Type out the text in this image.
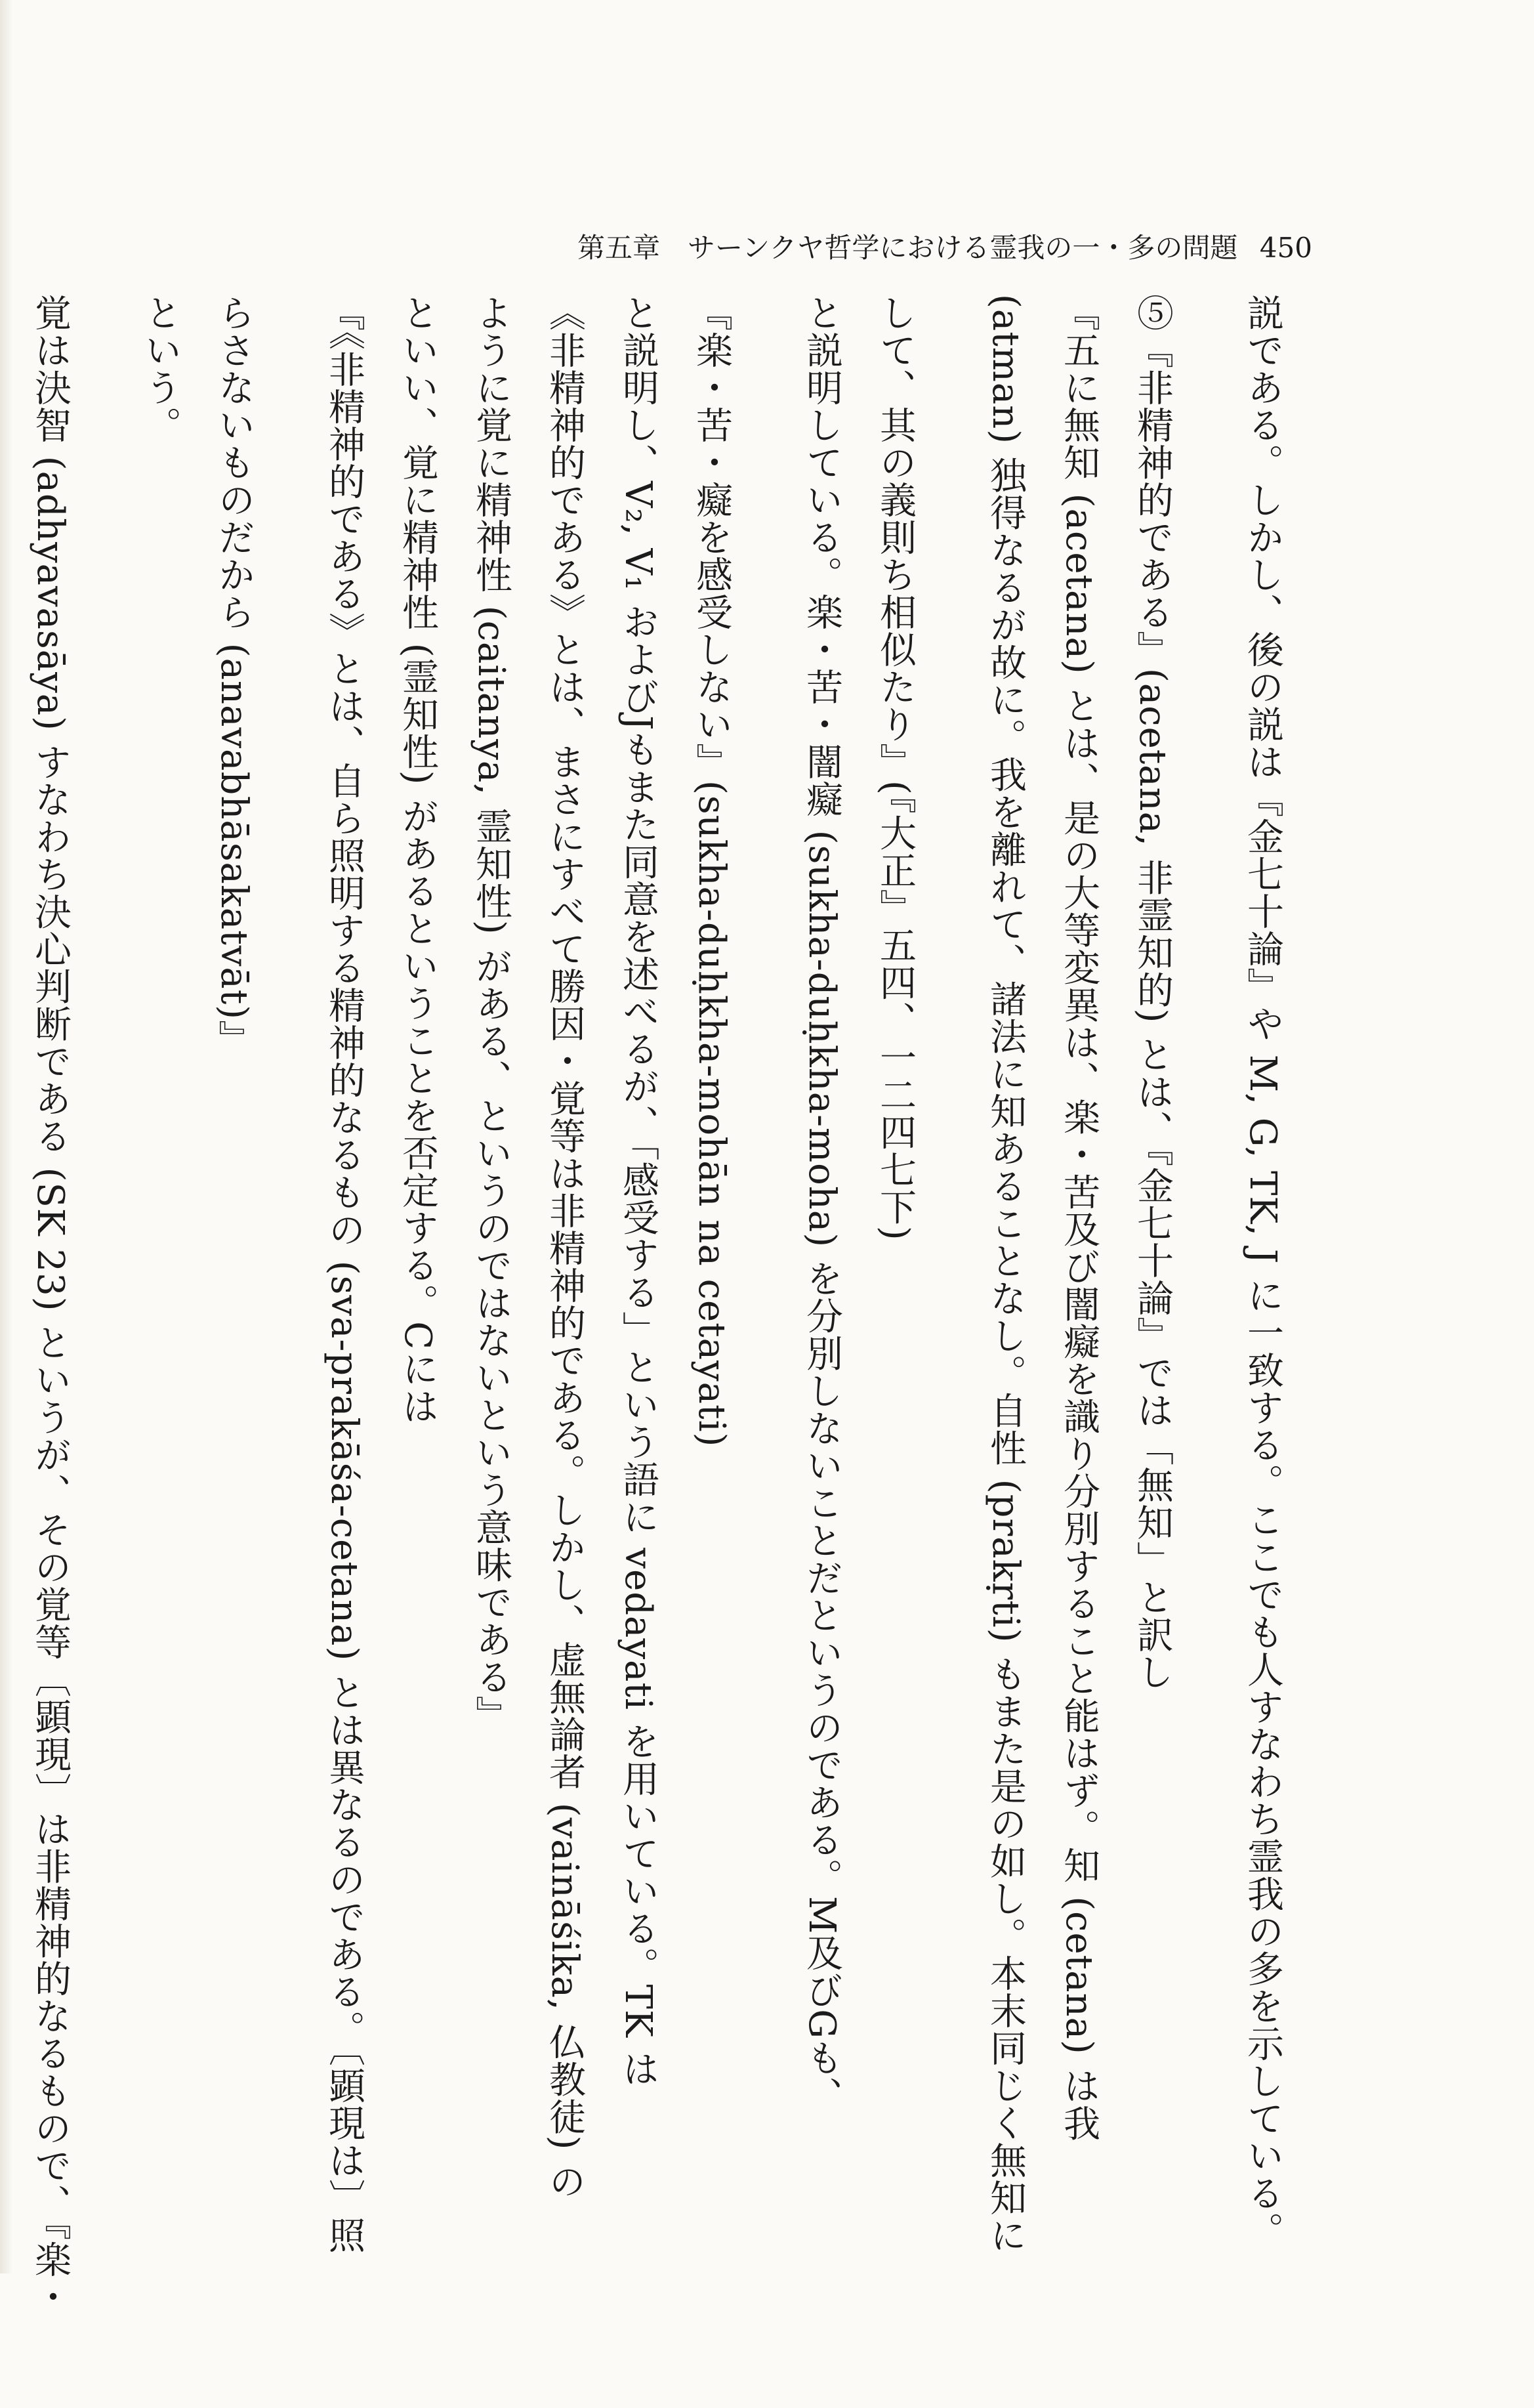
第五章　サーンクヤ哲学における霊我の一・多の問題 450
説である。しかし、後の説は『金七十論』や M, G, TK, J に一致する。ここでも人すなわち霊我の多を示している。
⑤『非精神的である』(acetana, 非霊知的) とは、『金七十論』では「無知」と訳し
『五に無知 (acetana) とは、是の大等変異は、楽・苦及び闇癡を識り分別すること能はず。知 (cetana) は我
(atman) 独得なるが故に。我を離れて、諸法に知あることなし。自性 (prakṛti) もまた是の如し。本末同じく無知に
して、其の義則ち相似たり』(『大正』五四、一二四七下)
と説明している。楽・苦・闇癡 (sukha-duḥkha-moha) を分別しないことだというのである。M及びGも、
『楽・苦・癡を感受しない』(sukha-duḥkha-mohān na cetayati)
と説明し、V₂, V₁ およびJもまた同意を述べるが、「感受する」という語に vedayati を用いている。TK は
《非精神的である》とは、まさにすべて勝因・覚等は非精神的である。しかし、虚無論者 (vaināśika, 仏教徒) の
ように覚に精神性 (caitanya, 霊知性) がある、というのではないという意味である』
といい、覚に精神性 (霊知性) があるということを否定する。Cには
『《非精神的である》とは、自ら照明する精神的なるもの (sva-prakāśa-cetana) とは異なるのである。〔顕現は〕照
らさないものだから (anavabhāsakatvāt)』
という。
覚は決智 (adhyavasāya) すなわち決心判断である (SK 23) というが、その覚等〔顕現〕は非精神的なるもので、『楽・
